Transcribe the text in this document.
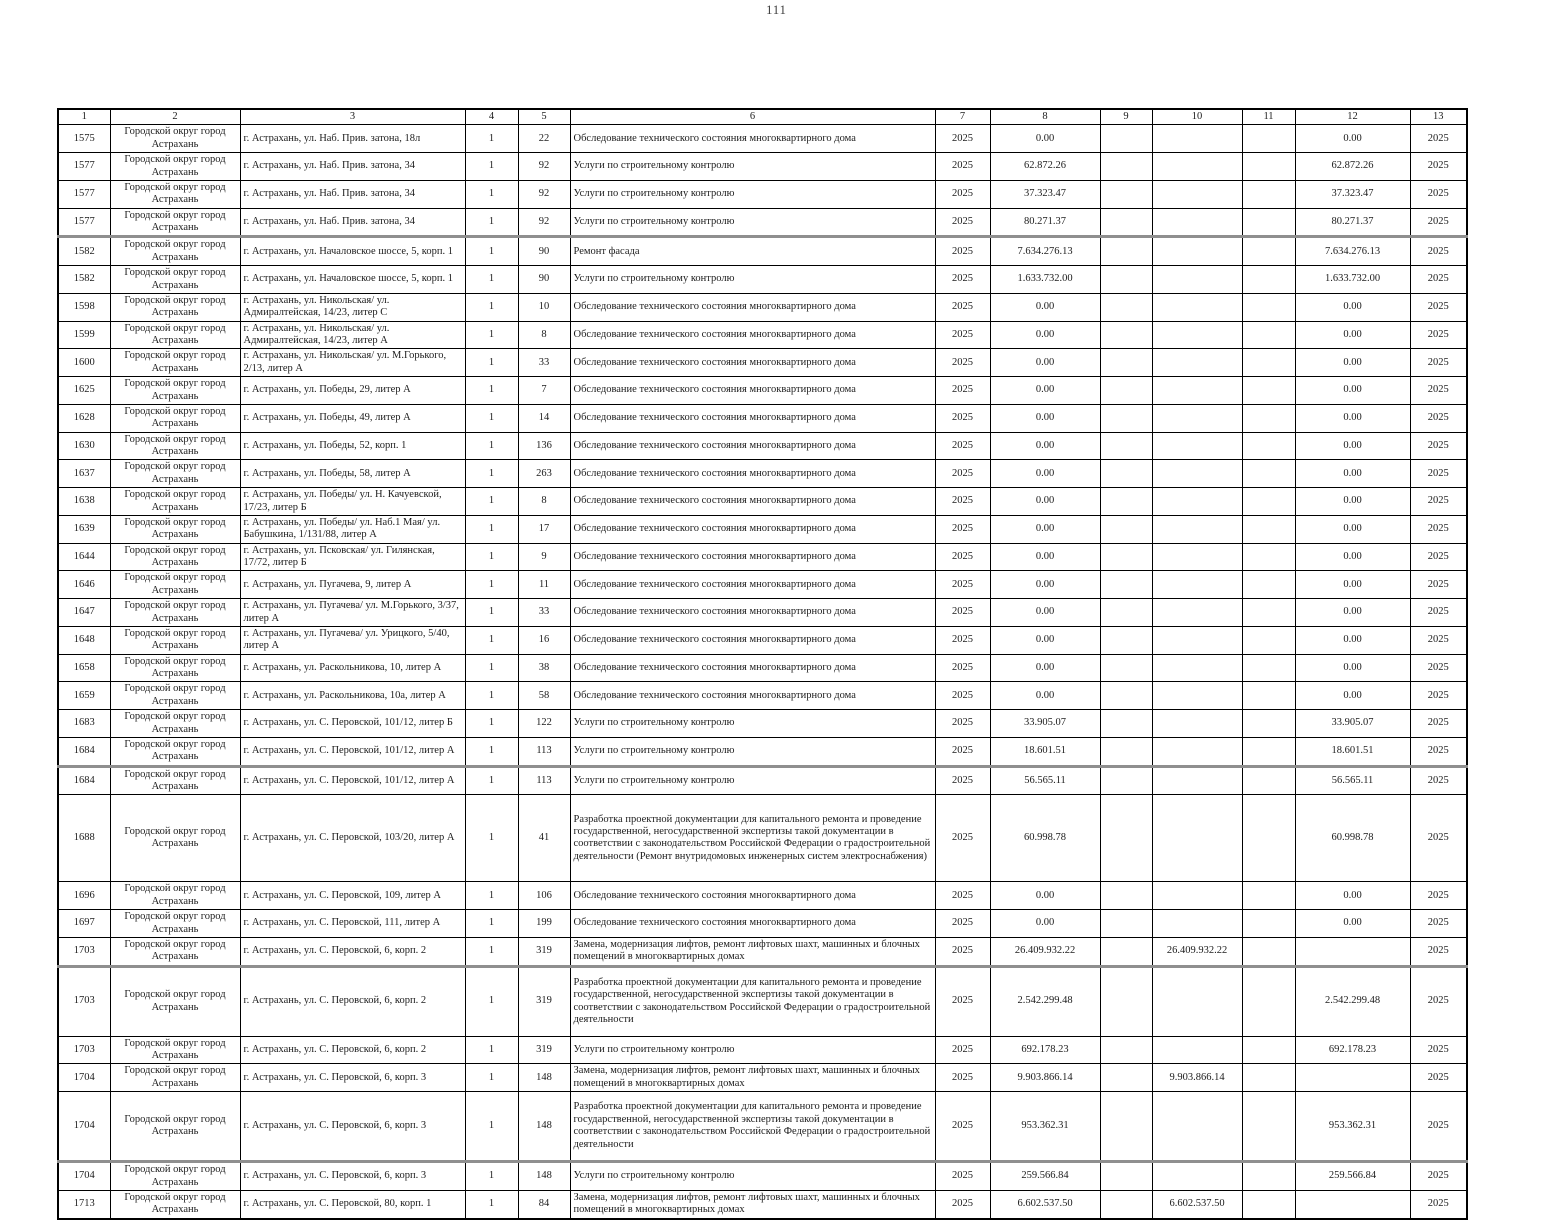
111
1	2	3	4	5	6	7	8	9	10	11	12	13
1575	Городской округ город Астрахань	г. Астрахань, ул. Наб. Прив. затона, 18л	1	22	Обследование технического состояния многоквартирного дома	2025	0.00				0.00	2025
1577	Городской округ город Астрахань	г. Астрахань, ул. Наб. Прив. затона, 34	1	92	Услуги по строительному контролю	2025	62.872.26				62.872.26	2025
1577	Городской округ город Астрахань	г. Астрахань, ул. Наб. Прив. затона, 34	1	92	Услуги по строительному контролю	2025	37.323.47				37.323.47	2025
1577	Городской округ город Астрахань	г. Астрахань, ул. Наб. Прив. затона, 34	1	92	Услуги по строительному контролю	2025	80.271.37				80.271.37	2025
1582	Городской округ город Астрахань	г. Астрахань, ул. Началовское шоссе, 5, корп. 1	1	90	Ремонт фасада	2025	7.634.276.13				7.634.276.13	2025
1582	Городской округ город Астрахань	г. Астрахань, ул. Началовское шоссе, 5, корп. 1	1	90	Услуги по строительному контролю	2025	1.633.732.00				1.633.732.00	2025
1598	Городской округ город Астрахань	г. Астрахань, ул. Никольская/ ул. Адмиралтейская, 14/23, литер С	1	10	Обследование технического состояния многоквартирного дома	2025	0.00				0.00	2025
1599	Городской округ город Астрахань	г. Астрахань, ул. Никольская/ ул. Адмиралтейская, 14/23, литер А	1	8	Обследование технического состояния многоквартирного дома	2025	0.00				0.00	2025
1600	Городской округ город Астрахань	г. Астрахань, ул. Никольская/ ул. М.Горького, 2/13, литер А	1	33	Обследование технического состояния многоквартирного дома	2025	0.00				0.00	2025
1625	Городской округ город Астрахань	г. Астрахань, ул. Победы, 29, литер А	1	7	Обследование технического состояния многоквартирного дома	2025	0.00				0.00	2025
1628	Городской округ город Астрахань	г. Астрахань, ул. Победы, 49, литер А	1	14	Обследование технического состояния многоквартирного дома	2025	0.00				0.00	2025
1630	Городской округ город Астрахань	г. Астрахань, ул. Победы, 52, корп. 1	1	136	Обследование технического состояния многоквартирного дома	2025	0.00				0.00	2025
1637	Городской округ город Астрахань	г. Астрахань, ул. Победы, 58, литер А	1	263	Обследование технического состояния многоквартирного дома	2025	0.00				0.00	2025
1638	Городской округ город Астрахань	г. Астрахань, ул. Победы/ ул. Н. Качуевской, 17/23, литер Б	1	8	Обследование технического состояния многоквартирного дома	2025	0.00				0.00	2025
1639	Городской округ город Астрахань	г. Астрахань, ул. Победы/ ул. Наб.1 Мая/ ул. Бабушкина, 1/131/88, литер А	1	17	Обследование технического состояния многоквартирного дома	2025	0.00				0.00	2025
1644	Городской округ город Астрахань	г. Астрахань, ул. Псковская/ ул. Гилянская, 17/72, литер Б	1	9	Обследование технического состояния многоквартирного дома	2025	0.00				0.00	2025
1646	Городской округ город Астрахань	г. Астрахань, ул. Пугачева, 9, литер А	1	11	Обследование технического состояния многоквартирного дома	2025	0.00				0.00	2025
1647	Городской округ город Астрахань	г. Астрахань, ул. Пугачева/ ул. М.Горького, 3/37, литер А	1	33	Обследование технического состояния многоквартирного дома	2025	0.00				0.00	2025
1648	Городской округ город Астрахань	г. Астрахань, ул. Пугачева/ ул. Урицкого, 5/40, литер А	1	16	Обследование технического состояния многоквартирного дома	2025	0.00				0.00	2025
1658	Городской округ город Астрахань	г. Астрахань, ул. Раскольникова, 10, литер А	1	38	Обследование технического состояния многоквартирного дома	2025	0.00				0.00	2025
1659	Городской округ город Астрахань	г. Астрахань, ул. Раскольникова, 10а, литер А	1	58	Обследование технического состояния многоквартирного дома	2025	0.00				0.00	2025
1683	Городской округ город Астрахань	г. Астрахань, ул. С. Перовской, 101/12, литер Б	1	122	Услуги по строительному контролю	2025	33.905.07				33.905.07	2025
1684	Городской округ город Астрахань	г. Астрахань, ул. С. Перовской, 101/12, литер А	1	113	Услуги по строительному контролю	2025	18.601.51				18.601.51	2025
1684	Городской округ город Астрахань	г. Астрахань, ул. С. Перовской, 101/12, литер А	1	113	Услуги по строительному контролю	2025	56.565.11				56.565.11	2025
1688	Городской округ город Астрахань	г. Астрахань, ул. С. Перовской, 103/20, литер А	1	41	Разработка проектной документации для капитального ремонта и проведение государственной, негосударственной экспертизы такой документации в соответствии с законодательством Российской Федерации о градостроительной деятельности (Ремонт внутридомовых инженерных систем электроснабжения)	2025	60.998.78				60.998.78	2025
1696	Городской округ город Астрахань	г. Астрахань, ул. С. Перовской, 109, литер А	1	106	Обследование технического состояния многоквартирного дома	2025	0.00				0.00	2025
1697	Городской округ город Астрахань	г. Астрахань, ул. С. Перовской, 111, литер А	1	199	Обследование технического состояния многоквартирного дома	2025	0.00				0.00	2025
1703	Городской округ город Астрахань	г. Астрахань, ул. С. Перовской, 6, корп. 2	1	319	Замена, модернизация лифтов, ремонт лифтовых шахт, машинных и блочных помещений в многоквартирных домах	2025	26.409.932.22		26.409.932.22			2025
1703	Городской округ город Астрахань	г. Астрахань, ул. С. Перовской, 6, корп. 2	1	319	Разработка проектной документации для капитального ремонта и проведение государственной, негосударственной экспертизы такой документации в соответствии с законодательством Российской Федерации о градостроительной деятельности	2025	2.542.299.48				2.542.299.48	2025
1703	Городской округ город Астрахань	г. Астрахань, ул. С. Перовской, 6, корп. 2	1	319	Услуги по строительному контролю	2025	692.178.23				692.178.23	2025
1704	Городской округ город Астрахань	г. Астрахань, ул. С. Перовской, 6, корп. 3	1	148	Замена, модернизация лифтов, ремонт лифтовых шахт, машинных и блочных помещений в многоквартирных домах	2025	9.903.866.14		9.903.866.14			2025
1704	Городской округ город Астрахань	г. Астрахань, ул. С. Перовской, 6, корп. 3	1	148	Разработка проектной документации для капитального ремонта и проведение государственной, негосударственной экспертизы такой документации в соответствии с законодательством Российской Федерации о градостроительной деятельности	2025	953.362.31				953.362.31	2025
1704	Городской округ город Астрахань	г. Астрахань, ул. С. Перовской, 6, корп. 3	1	148	Услуги по строительному контролю	2025	259.566.84				259.566.84	2025
1713	Городской округ город Астрахань	г. Астрахань, ул. С. Перовской, 80, корп. 1	1	84	Замена, модернизация лифтов, ремонт лифтовых шахт, машинных и блочных помещений в многоквартирных домах	2025	6.602.537.50		6.602.537.50			2025
